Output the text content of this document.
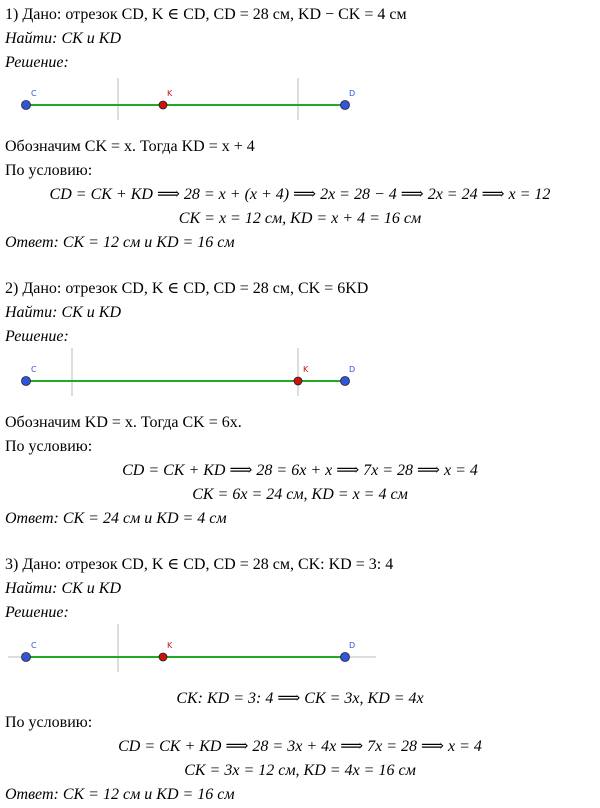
1) Дано: отрезок CD, K ∈ CD, CD = 28 см, KD − CK = 4 см
Найти: CK и KD
Решение:
C	K	D
Обозначим CK = x. Тогда KD = x + 4
По условию:
CD = CK + KD ⟹ 28 = x + (x + 4) ⟹ 2x = 28 − 4 ⟹ 2x = 24 ⟹ x = 12
CK = x = 12 см, KD = x + 4 = 16 см
Ответ: CK = 12 см и KD = 16 см
2) Дано: отрезок CD, K ∈ CD, CD = 28 см, CK = 6KD
Найти: CK и KD
Решение:
C	K	D
Обозначим KD = x. Тогда CK = 6x.
По условию:
CD = CK + KD ⟹ 28 = 6x + x ⟹ 7x = 28 ⟹ x = 4
CK = 6x = 24 см, KD = x = 4 см
Ответ: CK = 24 см и KD = 4 см
3) Дано: отрезок CD, K ∈ CD, CD = 28 см, CK: KD = 3: 4
Найти: CK и KD
Решение:
C	K	D
CK: KD = 3: 4 ⟹ CK = 3x, KD = 4x
По условию:
CD = CK + KD ⟹ 28 = 3x + 4x ⟹ 7x = 28 ⟹ x = 4
CK = 3x = 12 см, KD = 4x = 16 см
Ответ: CK = 12 см и KD = 16 см
